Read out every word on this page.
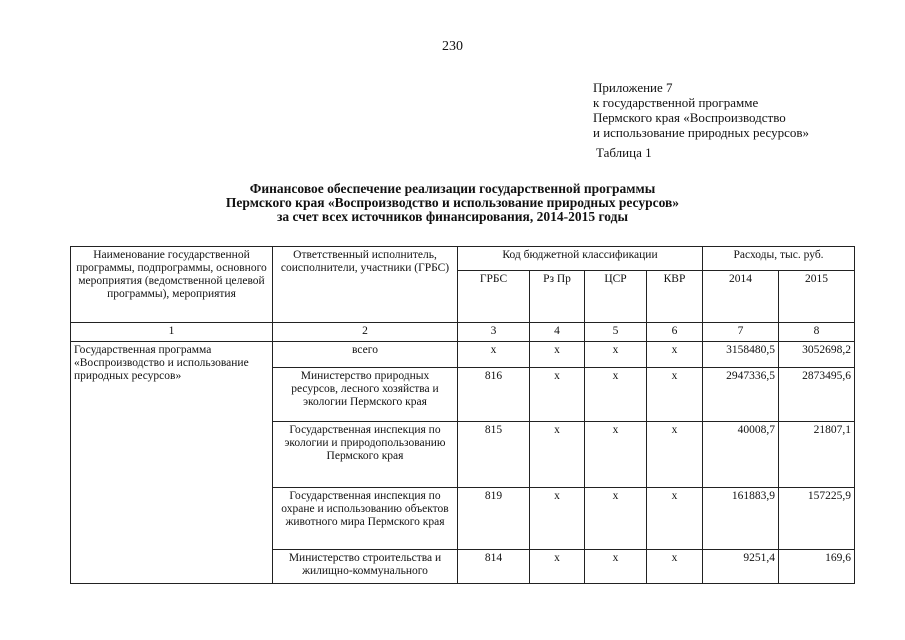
230
Приложение 7
к государственной программе
Пермского края «Воспроизводство
и использование природных ресурсов»
Таблица 1
Финансовое обеспечение реализации государственной программы
Пермского края «Воспроизводство и использование природных ресурсов»
за счет всех источников финансирования, 2014-2015 годы
Наименование государственной программы, подпрограммы, основного мероприятия (ведомственной целевой программы), мероприятия	Ответственный исполнитель, соисполнители, участники (ГРБС)	Код бюджетной классификации				Расходы, тыс. руб.	
		ГРБС	Рз Пр	ЦСР	КВР	2014	2015
1	2	3	4	5	6	7	8
Государственная программа «Воспроизводство и использование природных ресурсов»	всего	х	х	х	х	3158480,5	3052698,2
	Министерство природных ресурсов, лесного хозяйства и экологии Пермского края	816	х	х	х	2947336,5	2873495,6
	Государственная инспекция по экологии и природопользованию Пермского края	815	х	х	х	40008,7	21807,1
	Государственная инспекция по охране и использованию объектов животного мира Пермского края	819	х	х	х	161883,9	157225,9
	Министерство строительства и жилищно-коммунального	814	х	х	х	9251,4	169,6
